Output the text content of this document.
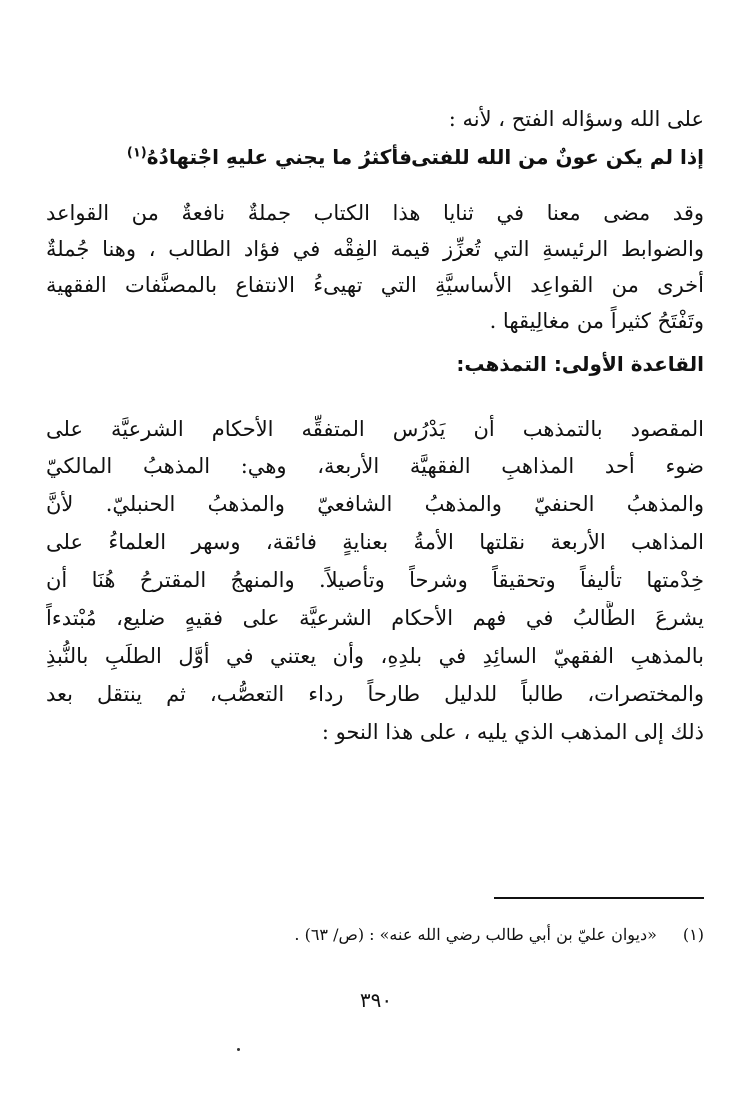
على الله وسؤاله الفتح ، لأنه :
إذا لم يكن عونٌ من الله للفتى
فأكثرُ ما يجني عليهِ اجْتهادُهُ$^{(١)}$
وقد مضى معنا في ثنايا هذا الكتاب جملةٌ نافعةٌ من القواعد
والضوابط الرئيسةِ التي تُعزِّز قيمة الفِقْه في فؤاد الطالب ، وهنا جُملةٌ
أخرى من القواعِد الأساسيَّةِ التي تهيىءُ الانتفاع بالمصنَّفات الفقهية
وتَفْتَحُ كثيراً من مغالِيقها .
القاعدة الأولى: التمذهب:
المقصود بالتمذهب أن يَدْرُس المتفقِّه الأحكام الشرعيَّة على
ضوء أحد المذاهبِ الفقهيَّة الأربعة، وهي: المذهبُ المالكيّ
والمذهبُ الحنفيّ والمذهبُ الشافعيّ والمذهبُ الحنبليّ. لأنَّ
المذاهب الأربعة نقلتها الأمةُ بعنايةٍ فائقة، وسهر العلماءُ على
خِدْمتها تأليفاً وتحقيقاً وشرحاً وتأصيلاً. والمنهجُ المقترحُ هُنَا أن
يشرعَ الطَّالبُ في فهم الأحكام الشرعيَّة على فقيهٍ ضليع، مُبْتدءاً
بالمذهبِ الفقهيّ السائِدِ في بلدِهِ، وأن يعتني في أوَّل الطلَبِ بالنُّبذِ
والمختصرات، طالباً للدليل طارحاً رداء التعصُّب، ثم ينتقل بعد
ذلك إلى المذهب الذي يليه ، على هذا النحو :
(١)«ديوان عليّ بن أبي طالب رضي الله عنه» : (ص/ ٦٣) .
٣٩٠
